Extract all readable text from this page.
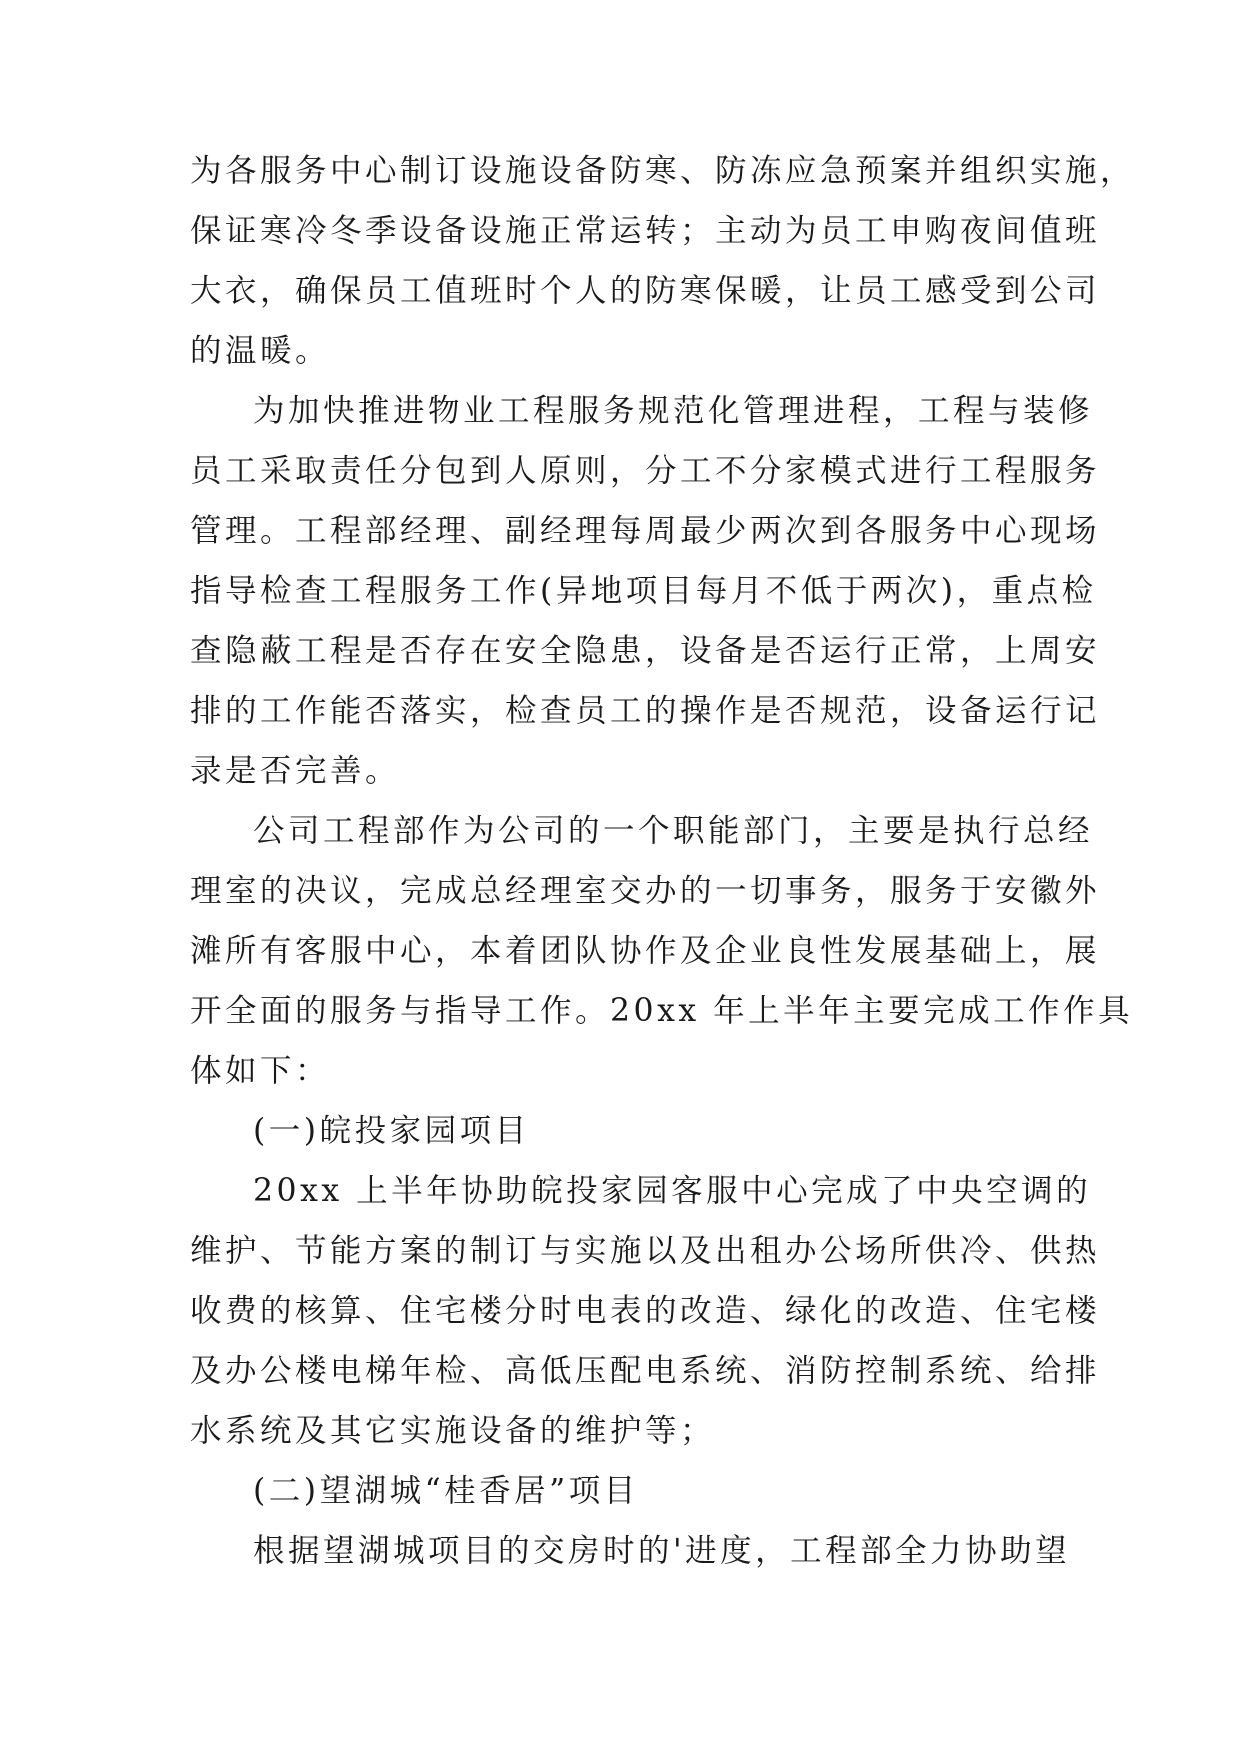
为各服务中心制订设施设备防寒、防冻应急预案并组织实施，
保证寒冷冬季设备设施正常运转；主动为员工申购夜间值班
大衣，确保员工值班时个人的防寒保暖，让员工感受到公司
的温暖。
为加快推进物业工程服务规范化管理进程，工程与装修
员工采取责任分包到人原则，分工不分家模式进行工程服务
管理。工程部经理、副经理每周最少两次到各服务中心现场
指导检查工程服务工作(异地项目每月不低于两次)，重点检
查隐蔽工程是否存在安全隐患，设备是否运行正常，上周安
排的工作能否落实，检查员工的操作是否规范，设备运行记
录是否完善。
公司工程部作为公司的一个职能部门，主要是执行总经
理室的决议，完成总经理室交办的一切事务，服务于安徽外
滩所有客服中心，本着团队协作及企业良性发展基础上，展
开全面的服务与指导工作。20xx 年上半年主要完成工作作具
体如下：
(一)皖投家园项目
20xx 上半年协助皖投家园客服中心完成了中央空调的
维护、节能方案的制订与实施以及出租办公场所供冷、供热
收费的核算、住宅楼分时电表的改造、绿化的改造、住宅楼
及办公楼电梯年检、高低压配电系统、消防控制系统、给排
水系统及其它实施设备的维护等；
(二)望湖城“桂香居”项目
根据望湖城项目的交房时的'进度，工程部全力协助望
